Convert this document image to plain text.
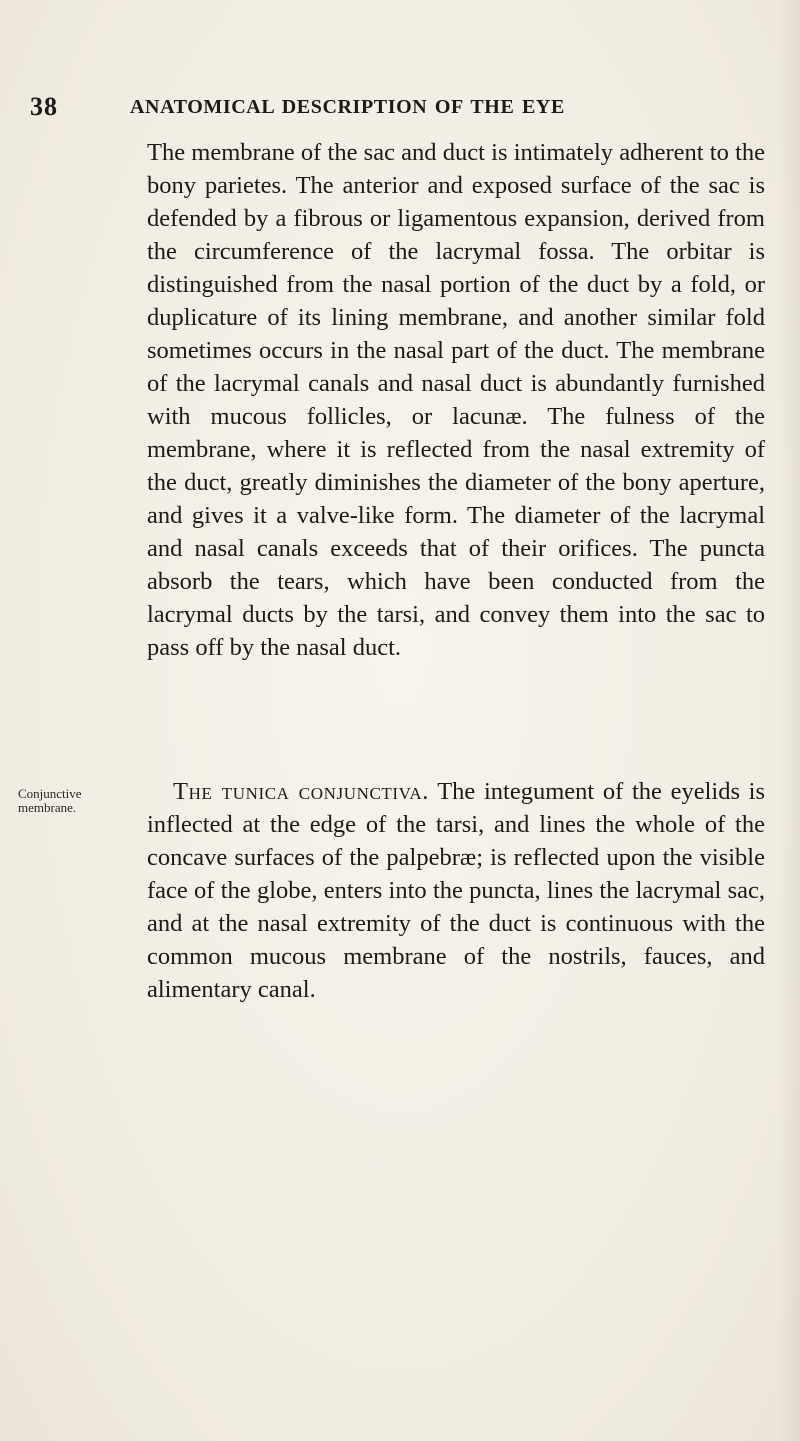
38	ANATOMICAL DESCRIPTION OF THE EYE
The membrane of the sac and duct is intimately adherent to the bony parietes. The anterior and exposed surface of the sac is defended by a fibrous or ligamentous expansion, derived from the circumference of the lacrymal fossa. The orbitar is distinguished from the nasal portion of the duct by a fold, or duplicature of its lining membrane, and another similar fold sometimes occurs in the nasal part of the duct. The membrane of the lacrymal canals and nasal duct is abundantly furnished with mucous follicles, or lacunæ. The fulness of the membrane, where it is reflected from the nasal extremity of the duct, greatly diminishes the diameter of the bony aperture, and gives it a valve-like form. The diameter of the lacrymal and nasal canals exceeds that of their orifices. The puncta absorb the tears, which have been conducted from the lacrymal ducts by the tarsi, and convey them into the sac to pass off by the nasal duct.
Conjunctive
membrane.
The tunica conjunctiva. The integument of the eyelids is inflected at the edge of the tarsi, and lines the whole of the concave surfaces of the palpebræ; is reflected upon the visible face of the globe, enters into the puncta, lines the lacrymal sac, and at the nasal extremity of the duct is continuous with the common mucous membrane of the nostrils, fauces, and alimentary canal.
